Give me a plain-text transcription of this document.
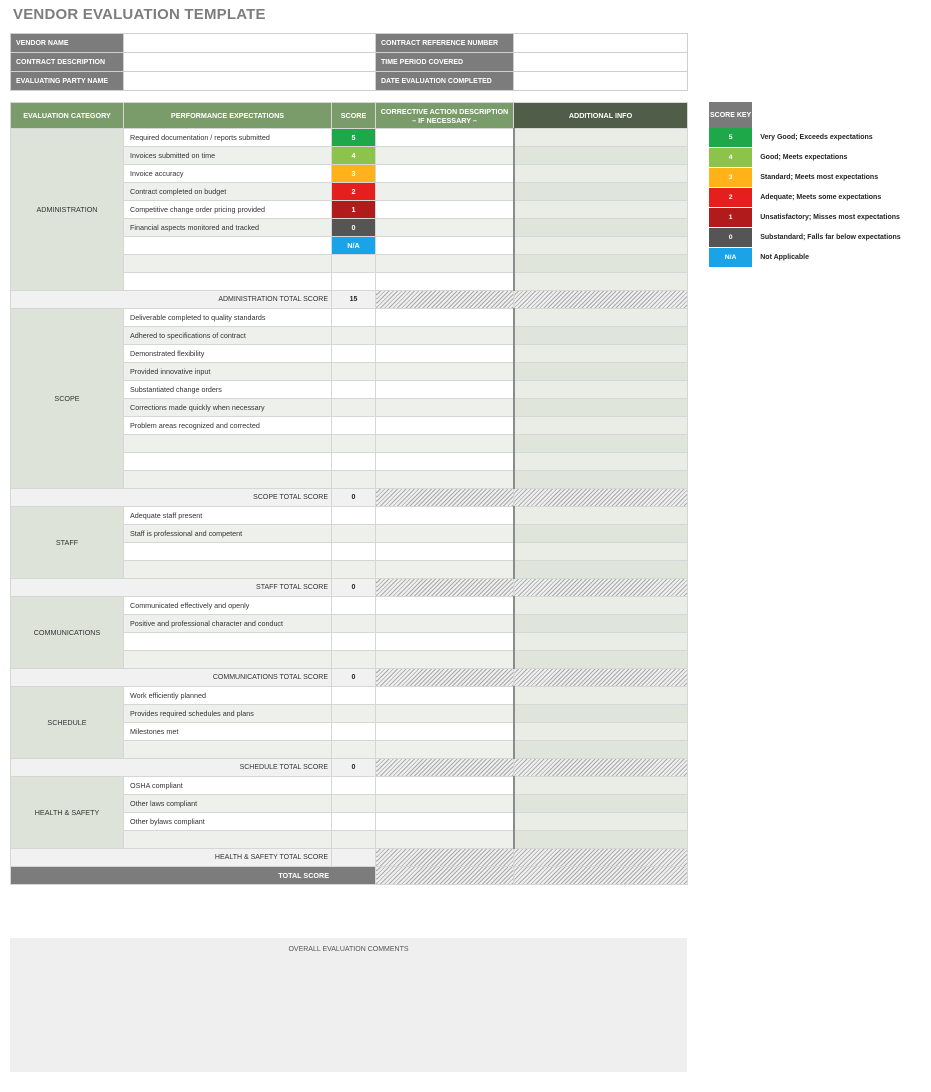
VENDOR EVALUATION TEMPLATE
VENDOR NAME		CONTRACT REFERENCE NUMBER	
CONTRACT DESCRIPTION		TIME PERIOD COVERED	
EVALUATING PARTY NAME		DATE EVALUATION COMPLETED	
EVALUATION CATEGORY	PERFORMANCE EXPECTATIONS	SCORE	CORRECTIVE ACTION DESCRIPTION
– IF NECESSARY –	ADDITIONAL INFO
ADMINISTRATION	Required documentation / reports submitted	5		
	Invoices submitted on time	4		
	Invoice accuracy	3		
	Contract completed on budget	2		
	Competitive change order pricing provided	1		
	Financial aspects monitored and tracked	0		
		N/A		

ADMINISTRATION TOTAL SCORE		15		
SCOPE	Deliverable completed to quality standards			
	Adhered to specifications of contract			
	Demonstrated flexibility			
	Provided innovative input			
	Substantiated change orders			
	Corrections made quickly when necessary			
	Problem areas recognized and corrected			

SCOPE TOTAL SCORE		0		
STAFF	Adequate staff present			
	Staff is professional and competent			

STAFF TOTAL SCORE		0		
COMMUNICATIONS	Communicated effectively and openly			
	Positive and professional character and conduct			

COMMUNICATIONS TOTAL SCORE		0		
SCHEDULE	Work efficiently planned			
	Provides required schedules and plans			
	Milestones met			

SCHEDULE TOTAL SCORE		0		
HEALTH & SAFETY	OSHA compliant			
	Other laws compliant			
	Other bylaws compliant			

HEALTH & SAFETY TOTAL SCORE				
TOTAL SCORE				
SCORE KEY	
5	Very Good; Exceeds expectations
4	Good; Meets expectations
3	Standard; Meets most expectations
2	Adequate; Meets some expectations
1	Unsatisfactory; Misses most expectations
0	Substandard; Falls far below expectations
N/A	Not Applicable
OVERALL EVALUATION COMMENTS
